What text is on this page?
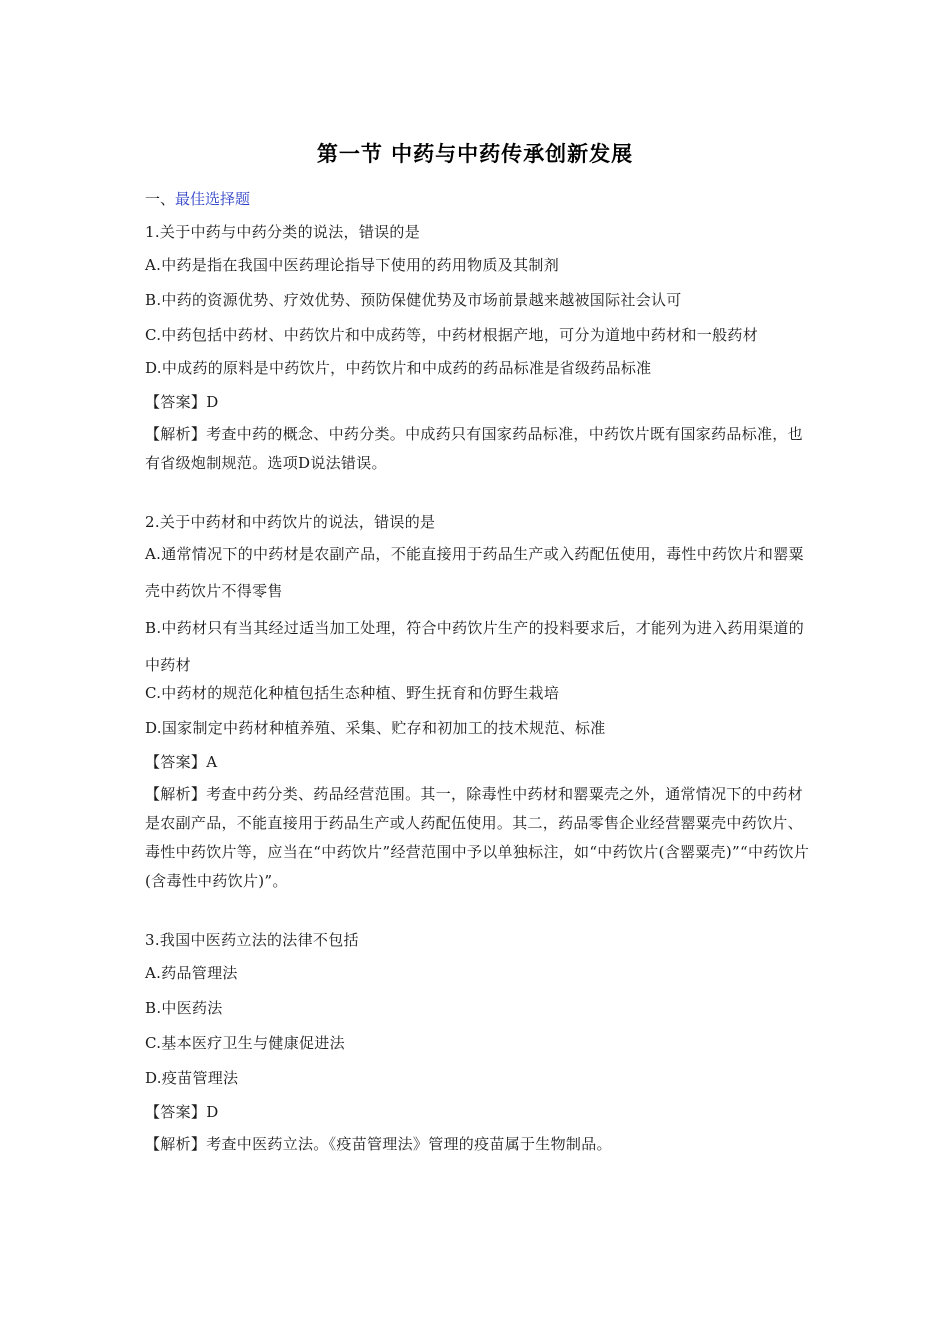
第一节 中药与中药传承创新发展
一、最佳选择题
1.关于中药与中药分类的说法，错误的是
A.中药是指在我国中医药理论指导下使用的药用物质及其制剂
B.中药的资源优势、疗效优势、预防保健优势及市场前景越来越被国际社会认可
C.中药包括中药材、中药饮片和中成药等，中药材根据产地，可分为道地中药材和一般药材
D.中成药的原料是中药饮片，中药饮片和中成药的药品标准是省级药品标准
【答案】D
【解析】考查中药的概念、中药分类。中成药只有国家药品标准，中药饮片既有国家药品标准，也有省级炮制规范。选项D说法错误。
2.关于中药材和中药饮片的说法，错误的是
A.通常情况下的中药材是农副产品，不能直接用于药品生产或入药配伍使用，毒性中药饮片和罂粟壳中药饮片不得零售
B.中药材只有当其经过适当加工处理，符合中药饮片生产的投料要求后，才能列为进入药用渠道的中药材
C.中药材的规范化种植包括生态种植、野生抚育和仿野生栽培
D.国家制定中药材种植养殖、采集、贮存和初加工的技术规范、标准
【答案】A
【解析】考查中药分类、药品经营范围。其一，除毒性中药材和罂粟壳之外，通常情况下的中药材是农副产品，不能直接用于药品生产或人药配伍使用。其二，药品零售企业经营罂粟壳中药饮片、毒性中药饮片等，应当在“中药饮片”经营范围中予以单独标注，如“中药饮片(含罂粟壳)”“中药饮片(含毒性中药饮片)”。
3.我国中医药立法的法律不包括
A.药品管理法
B.中医药法
C.基本医疗卫生与健康促进法
D.疫苗管理法
【答案】D
【解析】考查中医药立法。《疫苗管理法》管理的疫苗属于生物制品。
